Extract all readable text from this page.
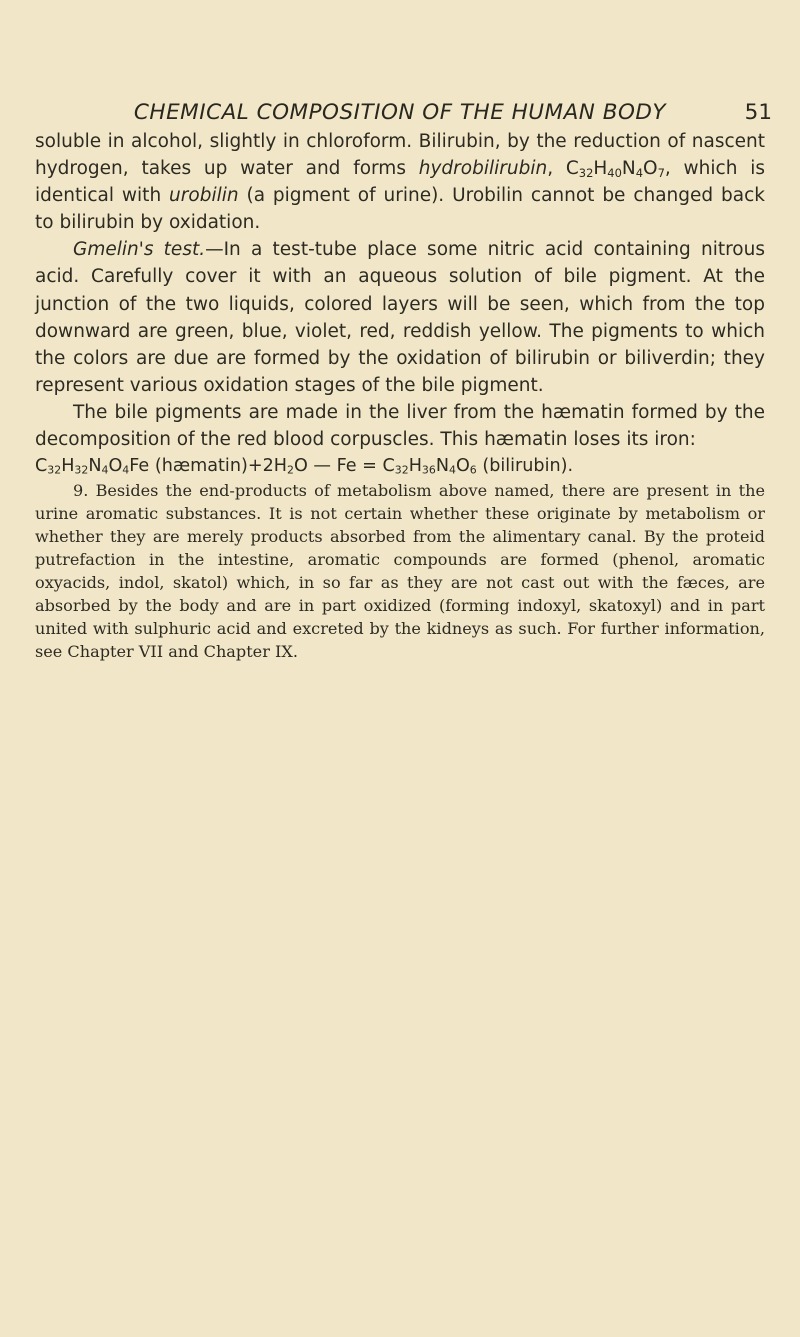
CHEMICAL COMPOSITION OF THE HUMAN BODY	51

soluble in alcohol, slightly in chloroform. Bilirubin, by the reduction of nascent hydrogen, takes up water and forms hydrobilirubin, $C_{32}H_{40}N_4O_7$, which is identical with urobilin (a pigment of urine). Urobilin cannot be changed back to bilirubin by oxidation.

Gmelin's test.—In a test-tube place some nitric acid containing nitrous acid. Carefully cover it with an aqueous solution of bile pigment. At the junction of the two liquids, colored layers will be seen, which from the top downward are green, blue, violet, red, reddish yellow. The pigments to which the colors are due are formed by the oxidation of bilirubin or biliverdin; they represent various oxidation stages of the bile pigment.

The bile pigments are made in the liver from the hæmatin formed by the decomposition of the red blood corpuscles. This hæmatin loses its iron:

$C_{32}H_{32}N_4O_4Fe$ $(hæmatin)+2H_2O$ — $Fe = C_{32}H_{36}N_4O_6$ (bilirubin).

9. Besides the end-products of metabolism above named, there are present in the urine aromatic substances. It is not certain whether these originate by metabolism or whether they are merely products absorbed from the alimentary canal. By the proteid putrefaction in the intestine, aromatic compounds are formed (phenol, aromatic oxyacids, indol, skatol) which, in so far as they are not cast out with the fæces, are absorbed by the body and are in part oxidized (forming indoxyl, skatoxyl) and in part united with sulphuric acid and excreted by the kidneys as such. For further information, see Chapter VII and Chapter IX.
